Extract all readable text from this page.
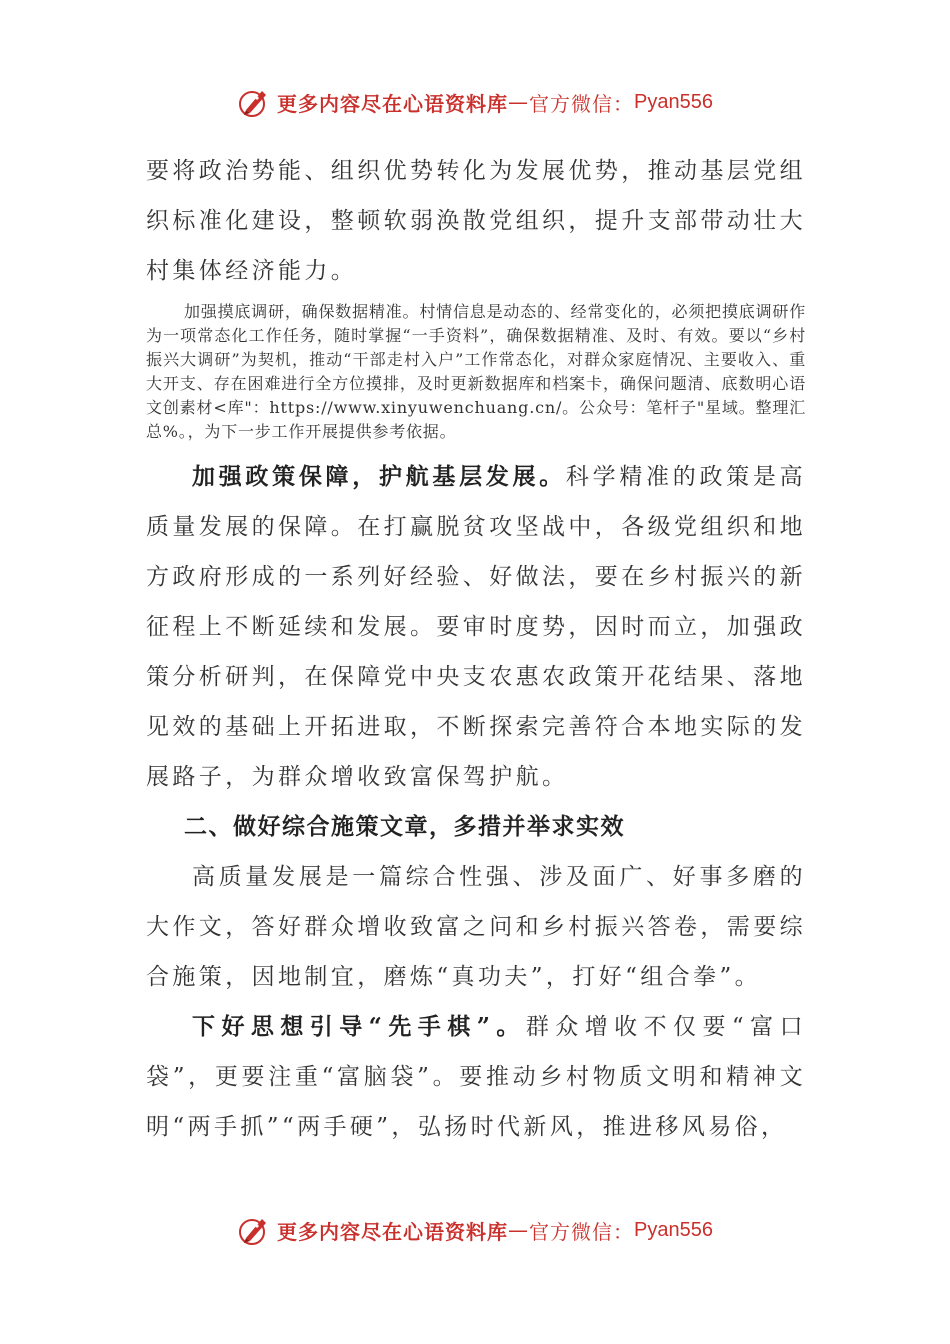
更多内容尽在心语资料库 — 官方微信： Pyan556

要将政治势能、组织优势转化为发展优势，推动基层党组织标准化建设，整顿软弱涣散党组织，提升支部带动壮大村集体经济能力。

加强摸底调研，确保数据精准。村情信息是动态的、经常变化的，必须把摸底调研作为一项常态化工作任务，随时掌握“一手资料”，确保数据精准、及时、有效。要以“乡村振兴大调研”为契机，推动“干部走村入户”工作常态化，对群众家庭情况、主要收入、重大开支、存在困难进行全方位摸排，及时更新数据库和档案卡，确保问题清、底数明心语文创素材<库"：https://www.xinyuwenchuang.cn/。公众号：笔杆子"星域。整理汇总%。，为下一步工作开展提供参考依据。

加强政策保障，护航基层发展。科学精准的政策是高质量发展的保障。在打赢脱贫攻坚战中，各级党组织和地方政府形成的一系列好经验、好做法，要在乡村振兴的新征程上不断延续和发展。要审时度势，因时而立，加强政策分析研判，在保障党中央支农惠农政策开花结果、落地见效的基础上开拓进取，不断探索完善符合本地实际的发展路子，为群众增收致富保驾护航。

二、做好综合施策文章，多措并举求实效

高质量发展是一篇综合性强、涉及面广、好事多磨的大作文，答好群众增收致富之问和乡村振兴答卷，需要综合施策，因地制宜，磨炼“真功夫”，打好“组合拳”。

下好思想引导“先手棋”。群众增收不仅要“富口袋”，更要注重“富脑袋”。要推动乡村物质文明和精神文明“两手抓”“两手硬”，弘扬时代新风，推进移风易俗，

更多内容尽在心语资料库 — 官方微信： Pyan556
